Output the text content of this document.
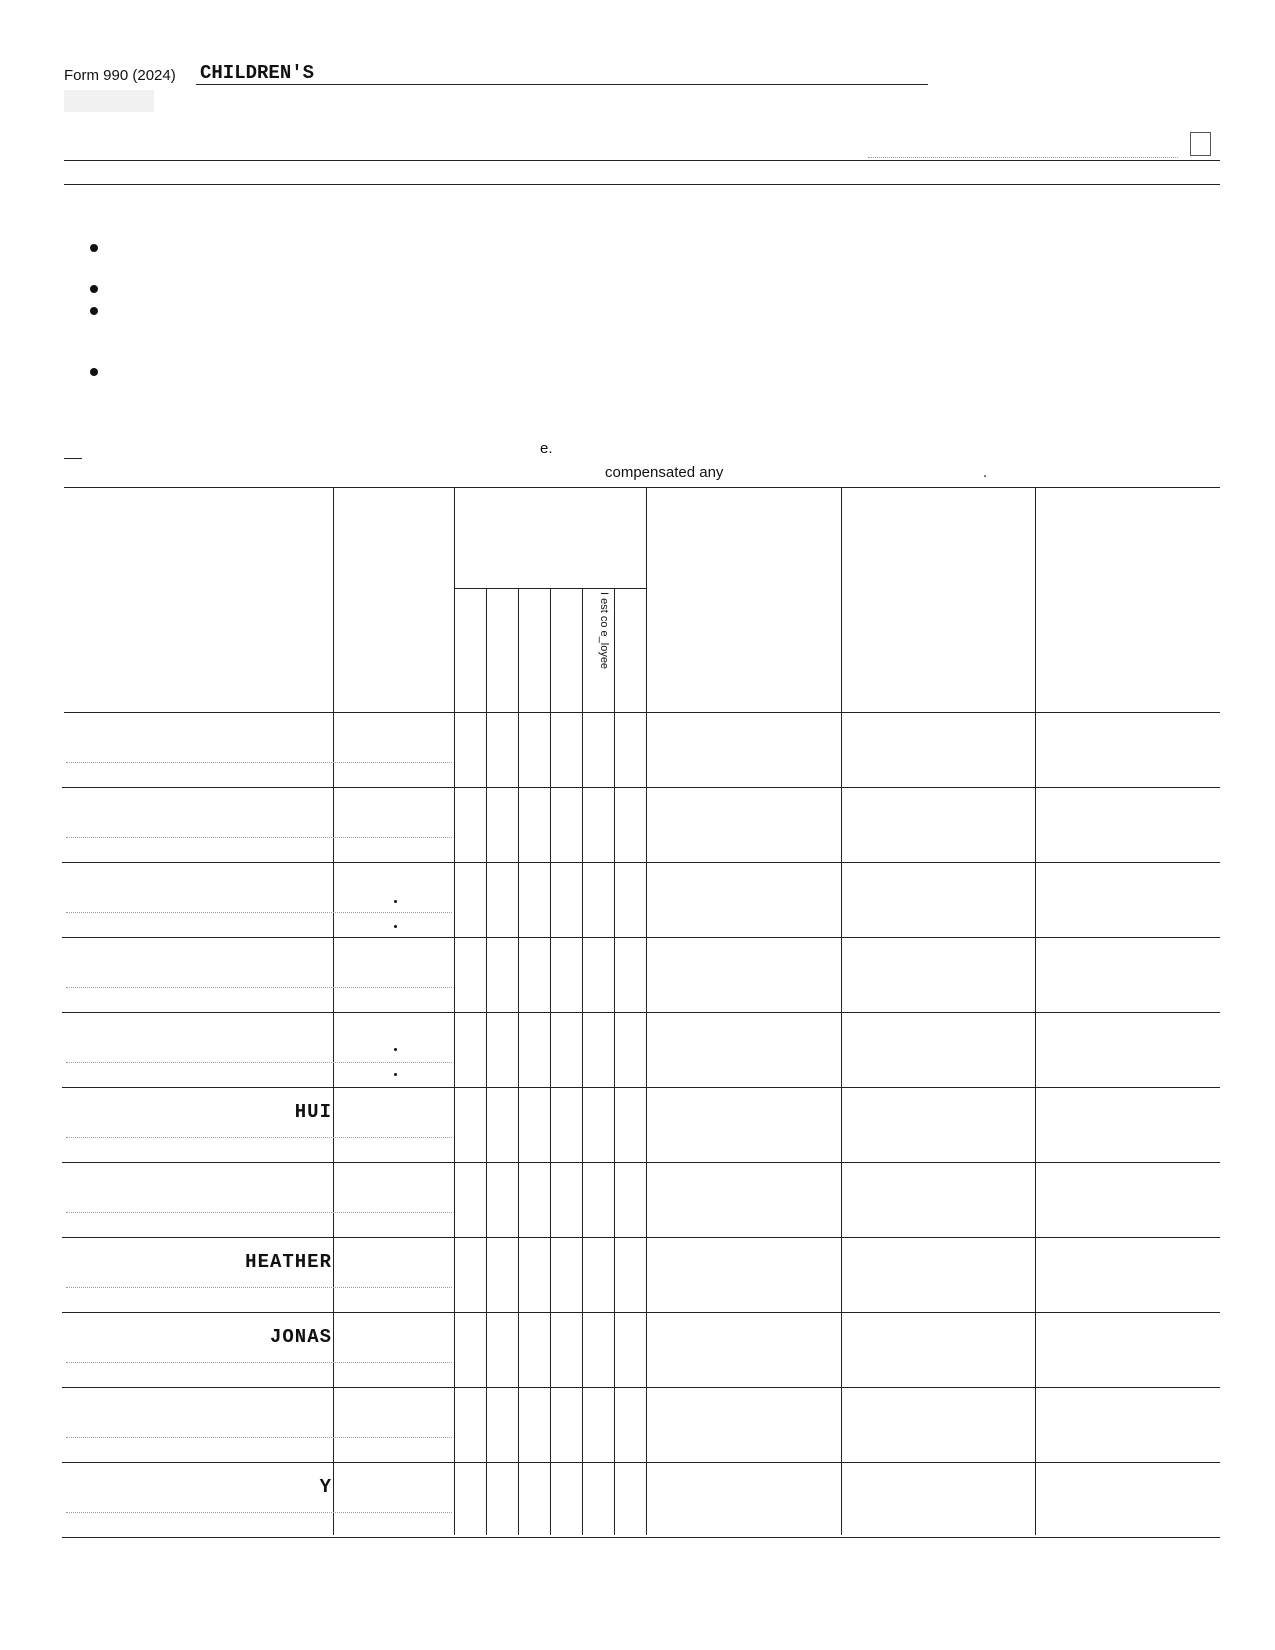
Form 990 (2024) CHILDREN'S
e.
compensated any	.
I est co e_loyee
HUI
HEATHER
JONAS
Y
